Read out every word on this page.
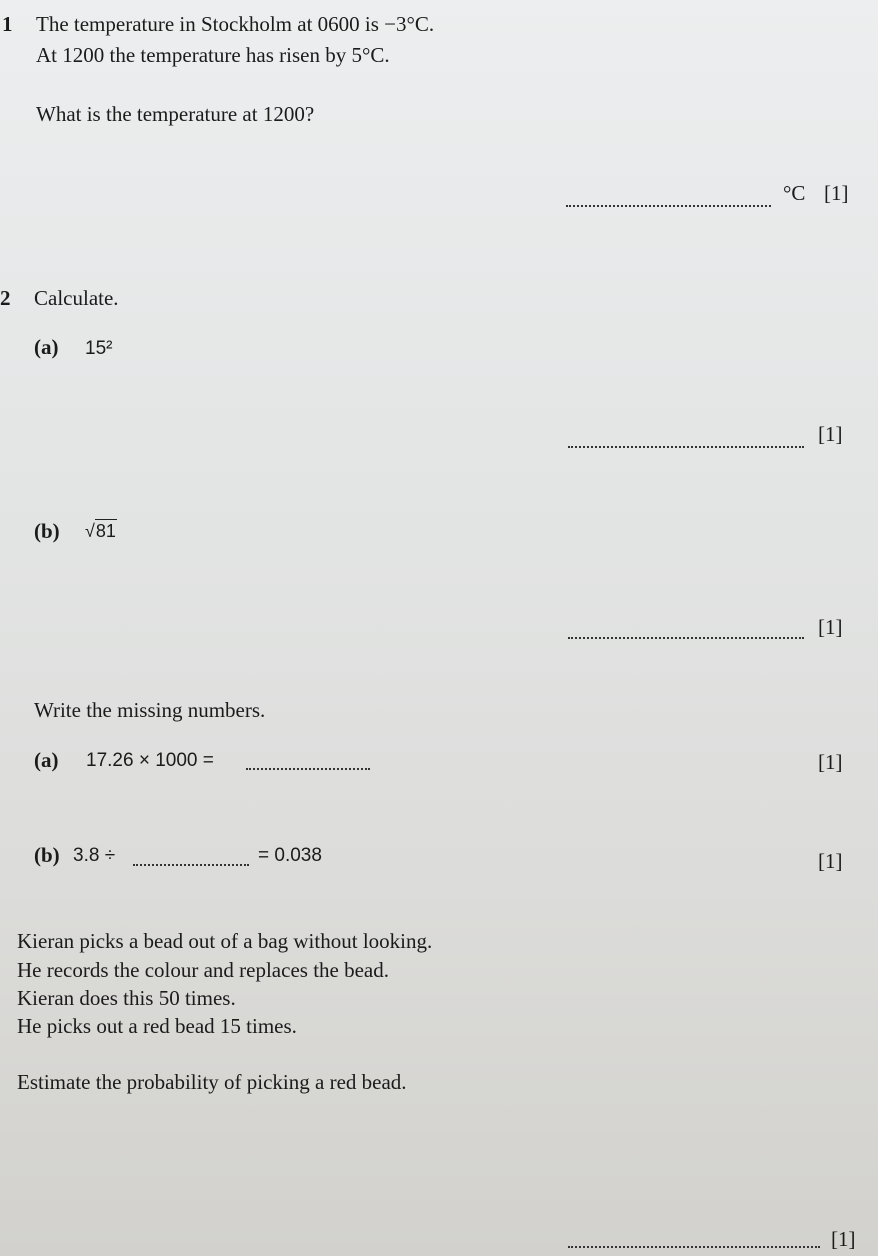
1 The temperature in Stockholm at 0600 is −3°C.
At 1200 the temperature has risen by 5°C.
What is the temperature at 1200?
°C [1]
2 Calculate.
(a) 15²
[1]
(b) √81
[1]
Write the missing numbers.
(a) 17.26 × 1000 =	[1]
(b) 3.8 ÷	= 0.038	[1]
Kieran picks a bead out of a bag without looking.
He records the colour and replaces the bead.
Kieran does this 50 times.
He picks out a red bead 15 times.
Estimate the probability of picking a red bead.
[1]
